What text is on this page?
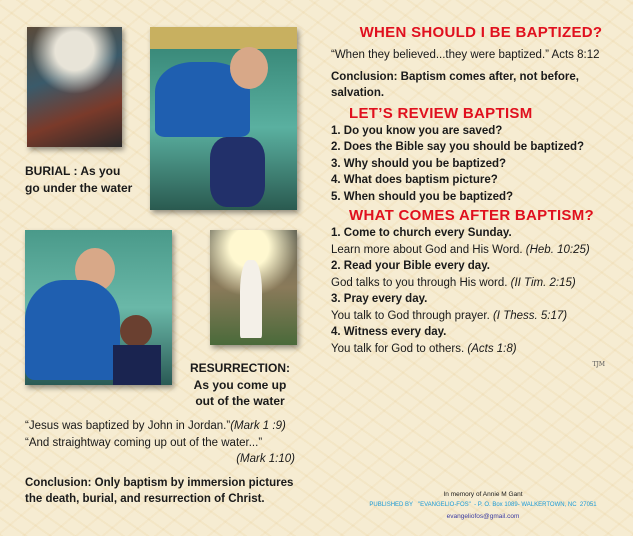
BURIAL : As you
go under the water
RESURRECTION:
As you come up
out of the water
“Jesus was baptized by John in Jordan.”(Mark 1 :9)
“And straightway coming up out of the water...”
(Mark 1:10)
Conclusion: Only baptism by immersion pictures
the death, burial, and resurrection of Christ.
WHEN SHOULD I BE BAPTIZED?
“When they believed...they were baptized.” Acts 8:12
Conclusion: Baptism comes after, not before,
salvation.
LET’S REVIEW BAPTISM
1. Do you know you are saved?
2. Does the Bible say you should be baptized?
3. Why should you be baptized?
4. What does baptism picture?
5. When should you be baptized?
WHAT COMES AFTER BAPTISM?
1. Come to church every Sunday.
Learn more about God and His Word. (Heb. 10:25)
2. Read your Bible every day.
God talks to you through His word. (II Tim. 2:15)
3. Pray every day.
You talk to God through prayer. (I Thess. 5:17)
4. Witness every day.
You talk for God to others. (Acts 1:8)
TJM
In memory of Annie M Gant
PUBLISHED BY   "EVANGELIO-FOS"  - P. O. Box 1089- WALKERTOWN, NC  27051
evangeliofos@gmail.com
